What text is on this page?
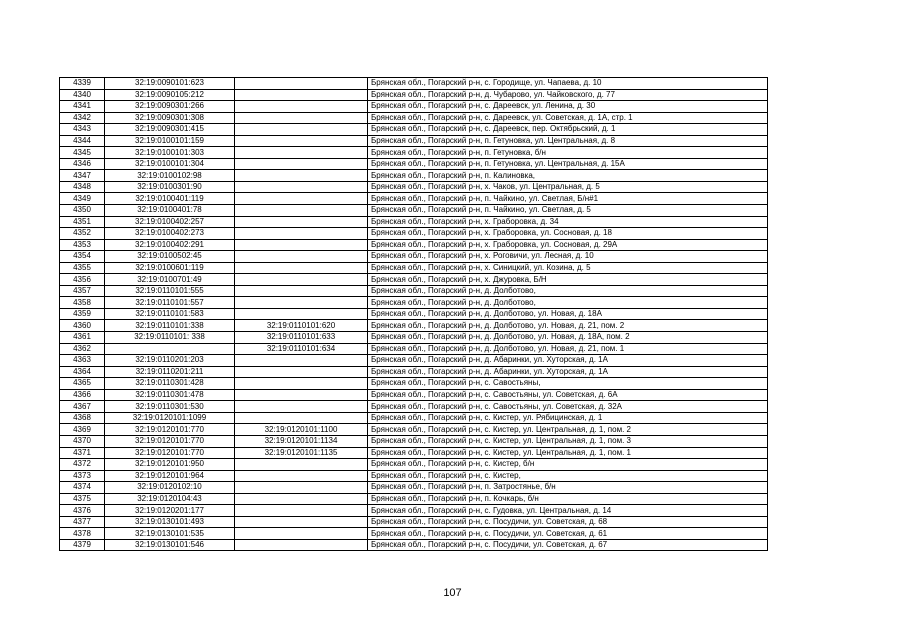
4339	32:19:0090101:623		Брянская обл., Погарский р-н, с. Городище, ул. Чапаева, д. 10
4340	32:19:0090105:212		Брянская обл., Погарский р-н, д. Чубарово, ул. Чайковского, д. 77
4341	32:19:0090301:266		Брянская обл., Погарский р-н, с. Дареевск, ул. Ленина, д. 30
4342	32:19:0090301:308		Брянская обл., Погарский р-н, с. Дареевск, ул. Советская, д. 1А, стр. 1
4343	32:19:0090301:415		Брянская обл., Погарский р-н, с. Дареевск, пер. Октябрьский, д. 1
4344	32:19:0100101:159		Брянская обл., Погарский р-н, п. Гетуновка, ул. Центральная, д. 8
4345	32:19:0100101:303		Брянская обл., Погарский р-н, п. Гетуновка, б/н
4346	32:19:0100101:304		Брянская обл., Погарский р-н, п. Гетуновка, ул. Центральная, д. 15А
4347	32:19:0100102:98		Брянская обл., Погарский р-н, п. Калиновка,
4348	32:19:0100301:90		Брянская обл., Погарский р-н, х. Чаков, ул. Центральная, д. 5
4349	32:19:0100401:119		Брянская обл., Погарский р-н, п. Чайкино, ул. Светлая, Б/н#1
4350	32:19:0100401:78		Брянская обл., Погарский р-н, п. Чайкино, ул. Светлая, д. 5
4351	32:19:0100402:257		Брянская обл., Погарский р-н, х. Граборовка, д. 34
4352	32:19:0100402:273		Брянская обл., Погарский р-н, х. Граборовка, ул. Сосновая, д. 18
4353	32:19:0100402:291		Брянская обл., Погарский р-н, х. Граборовка, ул. Сосновая, д. 29А
4354	32:19:0100502:45		Брянская обл., Погарский р-н, х. Роговичи, ул. Лесная, д. 10
4355	32:19:0100601:119		Брянская обл., Погарский р-н, х. Синицкий, ул. Козина, д. 5
4356	32:19:0100701:49		Брянская обл., Погарский р-н, х. Джуровка, Б/Н
4357	32:19:0110101:555		Брянская обл., Погарский р-н, д. Долботово,
4358	32:19:0110101:557		Брянская обл., Погарский р-н, д. Долботово,
4359	32:19:0110101:583		Брянская обл., Погарский р-н, д. Долботово, ул. Новая, д. 18А
4360	32:19:0110101:338	32:19:0110101:620	Брянская обл., Погарский р-н, д. Долботово, ул. Новая, д. 21, пом. 2
4361	32:19:0110101: 338	32:19:0110101:633	Брянская обл., Погарский р-н, д. Долботово, ул. Новая, д. 18А, пом. 2
4362		32:19:0110101:634	Брянская обл., Погарский р-н, д. Долботово, ул. Новая, д. 21, пом. 1
4363	32:19:0110201:203		Брянская обл., Погарский р-н, д. Абаринки, ул. Хуторская, д. 1А
4364	32:19:0110201:211		Брянская обл., Погарский р-н, д. Абаринки, ул. Хуторская, д. 1А
4365	32:19:0110301:428		Брянская обл., Погарский р-н, с. Савостьяны,
4366	32:19:0110301:478		Брянская обл., Погарский р-н, с. Савостьяны, ул. Советская, д. 6А
4367	32:19:0110301:530		Брянская обл., Погарский р-н, с. Савостьяны, ул. Советская, д. 32А
4368	32:19:0120101:1099		Брянская обл., Погарский р-н, с. Кистер, ул. Рябицинская, д. 1
4369	32:19:0120101:770	32:19:0120101:1100	Брянская обл., Погарский р-н, с. Кистер, ул. Центральная, д. 1, пом. 2
4370	32:19:0120101:770	32:19:0120101:1134	Брянская обл., Погарский р-н, с. Кистер, ул. Центральная, д. 1, пом. 3
4371	32:19:0120101:770	32:19:0120101:1135	Брянская обл., Погарский р-н, с. Кистер, ул. Центральная, д. 1, пом. 1
4372	32:19:0120101:950		Брянская обл., Погарский р-н, с. Кистер, б/н
4373	32:19:0120101:964		Брянская обл., Погарский р-н, с. Кистер,
4374	32:19:0120102:10		Брянская обл., Погарский р-н, п. Затростянье, б/н
4375	32:19:0120104:43		Брянская обл., Погарский р-н, п. Кочкарь, б/н
4376	32:19:0120201:177		Брянская обл., Погарский р-н, с. Гудовка, ул. Центральная, д. 14
4377	32:19:0130101:493		Брянская обл., Погарский р-н, с. Посудичи, ул. Советская, д. 68
4378	32:19:0130101:535		Брянская обл., Погарский р-н, с. Посудичи, ул. Советская, д. 61
4379	32:19:0130101:546		Брянская обл., Погарский р-н, с. Посудичи, ул. Советская, д. 67
107
